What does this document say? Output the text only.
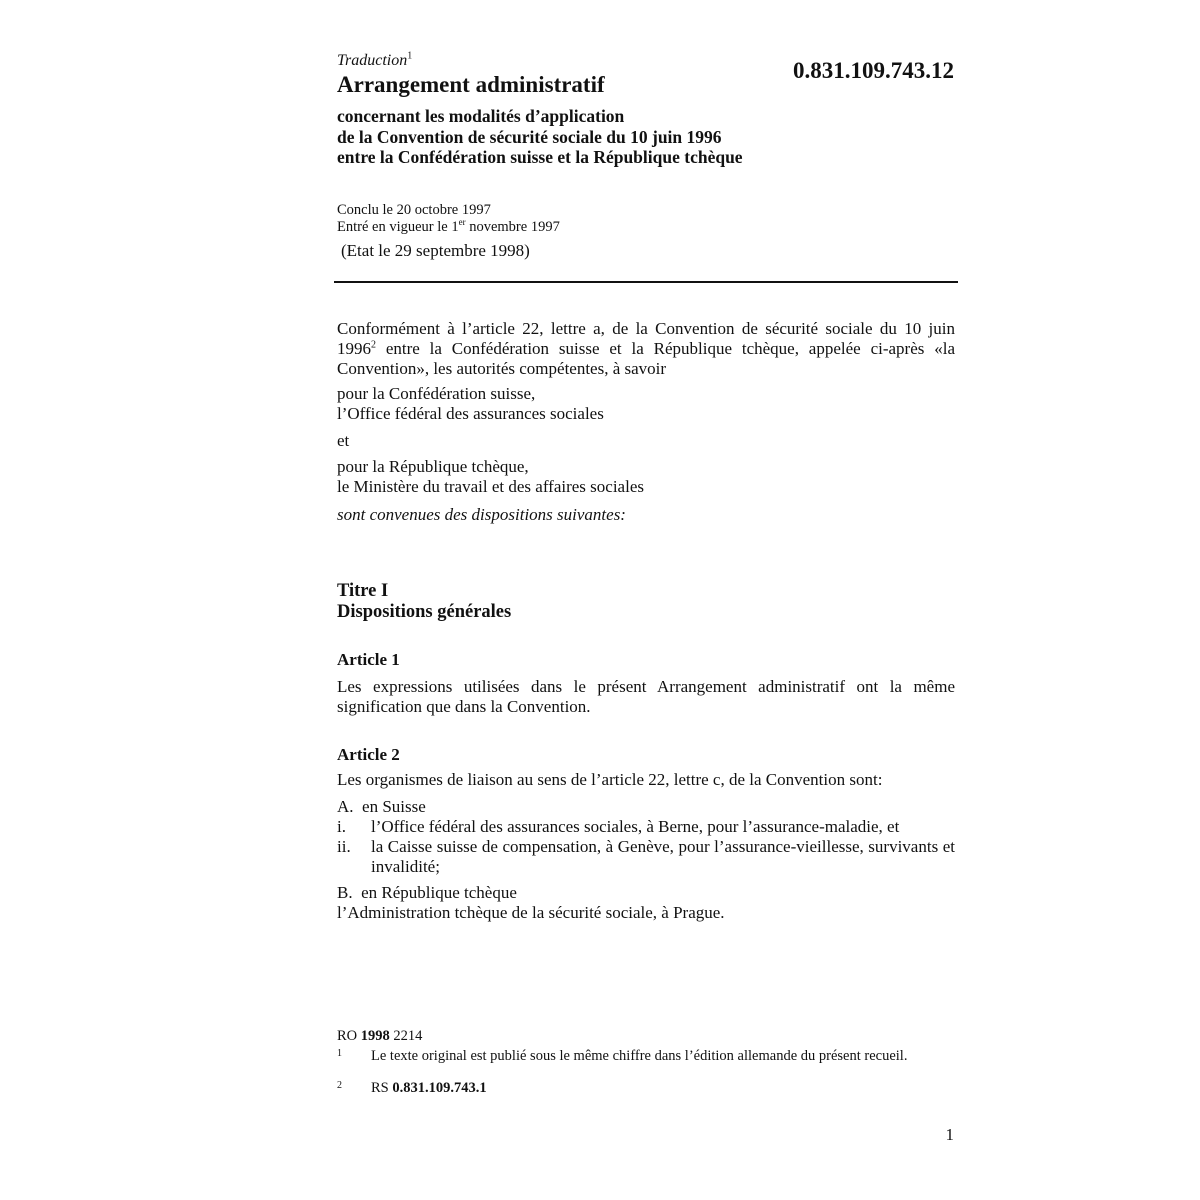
Traduction$^1$
0.831.109.743.12
Arrangement administratif
concernant les modalités d’application
de la Convention de sécurité sociale du 10 juin 1996
entre la Confédération suisse et la République tchèque
Conclu le 20 octobre 1997
Entré en vigueur le 1er novembre 1997
(Etat le 29 septembre 1998)
Conformément à l’article 22, lettre a, de la Convention de sécurité sociale du 10 juin 1996$^2$ entre la Confédération suisse et la République tchèque, appelée ci-après «la Convention», les autorités compétentes, à savoir
pour la Confédération suisse,
l’Office fédéral des assurances sociales
et
pour la République tchèque,
le Ministère du travail et des affaires sociales
sont convenues des dispositions suivantes:
Titre I
Dispositions générales
Article 1
Les expressions utilisées dans le présent Arrangement administratif ont la même signification que dans la Convention.
Article 2
Les organismes de liaison au sens de l’article 22, lettre c, de la Convention sont:
A.  en Suisse
i. l’Office fédéral des assurances sociales, à Berne, pour l’assurance-maladie, et
ii. la Caisse suisse de compensation, à Genève, pour l’assurance-vieillesse, survivants et invalidité;
B.  en République tchèque
l’Administration tchèque de la sécurité sociale, à Prague.
RO 1998 2214
1 Le texte original est publié sous le même chiffre dans l’édition allemande du présent recueil.
2 RS 0.831.109.743.1
1
